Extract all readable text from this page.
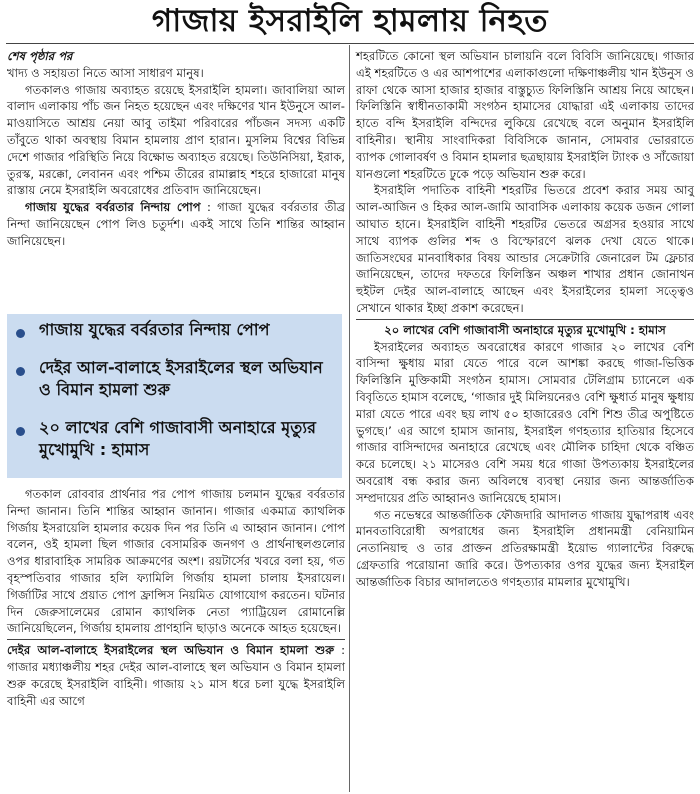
গাজায় ইসরাইলি হামলায় নিহত

শেষ পৃষ্ঠার পর

খাদ্য ও সহায়তা নিতে আসা সাধারণ মানুষ।

গতকালও গাজায় অব্যাহত রয়েছে ইসরাইলি হামলা। জাবালিয়া আল বালাদ এলাকায় পাঁচ জন নিহত হয়েছেন এবং দক্ষিণের খান ইউনুসে আল-মাওয়াসিতে আশ্রয় নেয়া আবু তাইমা পরিবারের পাঁচজন সদস্য একটি তাঁবুতে থাকা অবস্থায় বিমান হামলায় প্রাণ হারান। মুসলিম বিশ্বের বিভিন্ন দেশে গাজার পরিস্থিতি নিয়ে বিক্ষোভ অব্যাহত রয়েছে। তিউনিসিয়া, ইরাক, তুরস্ক, মরক্কো, লেবানন এবং পশ্চিম তীরের রামাল্লাহ শহরে হাজারো মানুষ রাস্তায় নেমে ইসরাইলি অবরোধের প্রতিবাদ জানিয়েছেন।

গাজায় যুদ্ধের বর্বরতার নিন্দায় পোপ : গাজা যুদ্ধের বর্বরতার তীব্র নিন্দা জানিয়েছেন পোপ লিও চতুর্দশ। একই সাথে তিনি শান্তির আহ্বান জানিয়েছেন।

গাজায় যুদ্ধের বর্বরতার নিন্দায় পোপ
দেইর আল-বালাহে ইসরাইলের স্থল অভিযান ও বিমান হামলা শুরু
২০ লাখের বেশি গাজাবাসী অনাহারে মৃত্যুর মুখোমুখি : হামাস

গতকাল রোববার প্রার্থনার পর পোপ গাজায় চলমান যুদ্ধের বর্বরতার নিন্দা জানান। তিনি শান্তির আহ্বান জানান। গাজার একমাত্র ক্যাথলিক গির্জায় ইসরায়েলি হামলার কয়েক দিন পর তিনি এ আহ্বান জানান। পোপ বলেন, ওই হামলা ছিল গাজার বেসামরিক জনগণ ও প্রার্থনাস্থলগুলোর ওপর ধারাবাহিক সামরিক আক্রমণের অংশ। রয়টার্সের খবরে বলা হয়, গত বৃহস্পতিবার গাজার হলি ফ্যামিলি গির্জায় হামলা চালায় ইসরায়েল। গির্জাটির সাথে প্রয়াত পোপ ফ্রান্সিস নিয়মিত যোগাযোগ করতেন। ঘটনার দিন জেরুসালেমের রোমান ক্যাথলিক নেতা প্যাট্রিয়েল রোমানেল্লি জানিয়েছিলেন, গির্জায় হামলায় প্রাণহানি ছাড়াও অনেকে আহত হয়েছেন।

দেইর আল-বালাহে ইসরাইলের স্থল অভিযান ও বিমান হামলা শুরু : গাজার মধ্যাঞ্চলীয় শহর দেইর আল-বালাহে স্থল অভিযান ও বিমান হামলা শুরু করেছে ইসরাইলি বাহিনী। গাজায় ২১ মাস ধরে চলা যুদ্ধে ইসরাইলি বাহিনী এর আগে

শহরটিতে কোনো স্থল অভিযান চালায়নি বলে বিবিসি জানিয়েছে। গাজার এই শহরটিতে ও এর আশপাশের এলাকাগুলো দক্ষিণাঞ্চলীয় খান ইউনুস ও রাফা থেকে আসা হাজার হাজার বাস্তুচ্যুত ফিলিস্তিনি আশ্রয় নিয়ে আছেন। ফিলিস্তিনি স্বাধীনতাকামী সংগঠন হামাসের যোদ্ধারা এই এলাকায় তাদের হাতে বন্দি ইসরাইলি বন্দিদের লুকিয়ে রেখেছে বলে অনুমান ইসরাইলি বাহিনীর। স্থানীয় সাংবাদিকরা বিবিসিকে জানান, সোমবার ভোররাতে ব্যাপক গোলাবর্ষণ ও বিমান হামলার ছত্রছায়ায় ইসরাইলি ট্যাংক ও সাঁজোয়া যানগুলো শহরটিতে ঢুকে পড়ে অভিযান শুরু করে।

ইসরাইলি পদাতিক বাহিনী শহরটির ভিতরে প্রবেশ করার সময় আবু আল-আজিন ও হিকর আল-জামি আবাসিক এলাকায় কয়েক ডজন গোলা আঘাত হানে। ইসরাইলি বাহিনী শহরটির ভেতরে অগ্রসর হওয়ার সাথে সাথে ব্যাপক গুলির শব্দ ও বিস্ফোরণে ঝলক দেখা যেতে থাকে। জাতিসংঘের মানবাধিকার বিষয় আন্ডার সেক্রেটারি জেনারেল টম ফ্লেচার জানিয়েছেন, তাদের দফতরে ফিলিস্তিন অঞ্চল শাখার প্রধান জোনাথন হুইটল দেইর আল-বালাহে আছেন এবং ইসরাইলের হামলা সত্ত্বেও সেখানে থাকার ইচ্ছা প্রকাশ করেছেন।

২০ লাখের বেশি গাজাবাসী অনাহারে মৃত্যুর মুখোমুখি : হামাস

ইসরাইলের অব্যাহত অবরোধের কারণে গাজার ২০ লাখের বেশি বাসিন্দা ক্ষুধায় মারা যেতে পারে বলে আশঙ্কা করছে গাজা-ভিত্তিক ফিলিস্তিনি মুক্তিকামী সংগঠন হামাস। সোমবার টেলিগ্রাম চ্যানেলে এক বিবৃতিতে হামাস বলেছে, ‘গাজার দুই মিলিয়নেরও বেশি ক্ষুধার্ত মানুষ ক্ষুধায় মারা যেতে পারে এবং ছয় লাখ ৫০ হাজারেরও বেশি শিশু তীব্র অপুষ্টিতে ভুগছে।’ এর আগে হামাস জানায়, ইসরাইল গণহত্যার হাতিয়ার হিসেবে গাজার বাসিন্দাদের অনাহারে রেখেছে এবং মৌলিক চাহিদা থেকে বঞ্চিত করে চলেছে। ২১ মাসেরও বেশি সময় ধরে গাজা উপত্যকায় ইসরাইলের অবরোধ বন্ধ করার জন্য অবিলম্বে ব্যবস্থা নেয়ার জন্য আন্তর্জাতিক সম্প্রদায়ের প্রতি আহ্বানও জানিয়েছে হামাস।

গত নভেম্বরে আন্তর্জাতিক ফৌজদারি আদালত গাজায় যুদ্ধাপরাধ এবং মানবতাবিরোধী অপরাধের জন্য ইসরাইলি প্রধানমন্ত্রী বেনিয়ামিন নেতানিয়াহু ও তার প্রাক্তন প্রতিরক্ষামন্ত্রী ইয়োভ গ্যালান্টের বিরুদ্ধে গ্রেফতারি পরোয়ানা জারি করে। উপত্যকার ওপর যুদ্ধের জন্য ইসরাইল আন্তর্জাতিক বিচার আদালতেও গণহত্যার মামলার মুখোমুখি।
